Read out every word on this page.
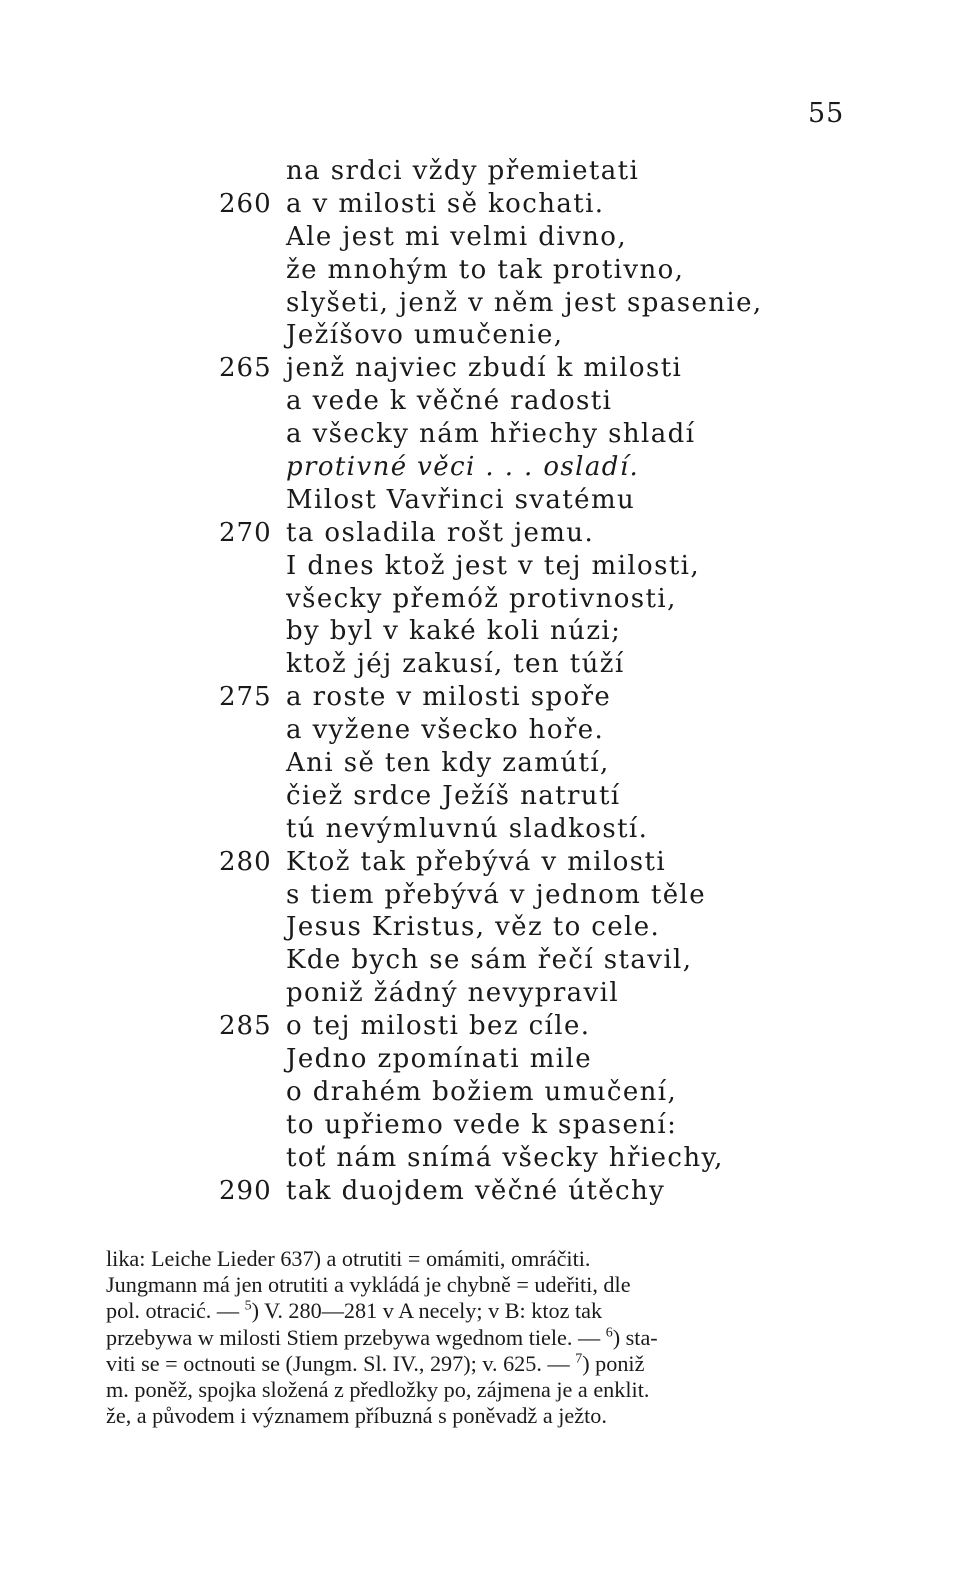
55
na srdci vždy přemietati
260 a v milosti sě kochati.
Ale jest mi velmi divno,
že mnohým to tak protivno,
slyšeti, jenž v něm jest spasenie,
Ježíšovo umučenie,
265 jenž najviec zbudí k milosti
a vede k věčné radosti
a všecky nám hřiechy shladí
protivné věci . . . osladí.
Milost Vavřinci svatému
270 ta osladila rošt jemu.
I dnes ktož jest v tej milosti,
všecky přemóž protivnosti,
by byl v kaké koli núzi;
ktož jéj zakusí, ten túží
275 a roste v milosti spoře
a vyžene všecko hoře.
Ani sě ten kdy zamútí,
čiež srdce Ježíš natrutí
tú nevýmluvnú sladkostí.
280 Ktož tak přebývá v milosti
s tiem přebývá v jednom těle
Jesus Kristus, věz to cele.
Kde bych se sám řečí stavil,
poniž žádný nevypravil
285 o tej milosti bez cíle.
Jedno zpomínati mile
o drahém božiem umučení,
to upřiemo vede k spasení:
toť nám snímá všecky hřiechy,
290 tak duojdem věčné útěchy
lika: Leiche Lieder 637) a otrutiti = omámiti, omráčiti.
Jungmann má jen otrutiti a vykládá je chybně = udeřiti, dle
pol. otracić. — $^5$) V. 280—281 v A necely; v B: ktoz tak
przebywa w milosti Stiem przebywa wgednom tiele. — $^6$) sta-
viti se = octnouti se (Jungm. Sl. IV., 297); v. 625. — $^7$) poniž
m. poněž, spojka složená z předložky po, zájmena je a enklit.
že, a původem i významem příbuzná s poněvadž a ježto.
